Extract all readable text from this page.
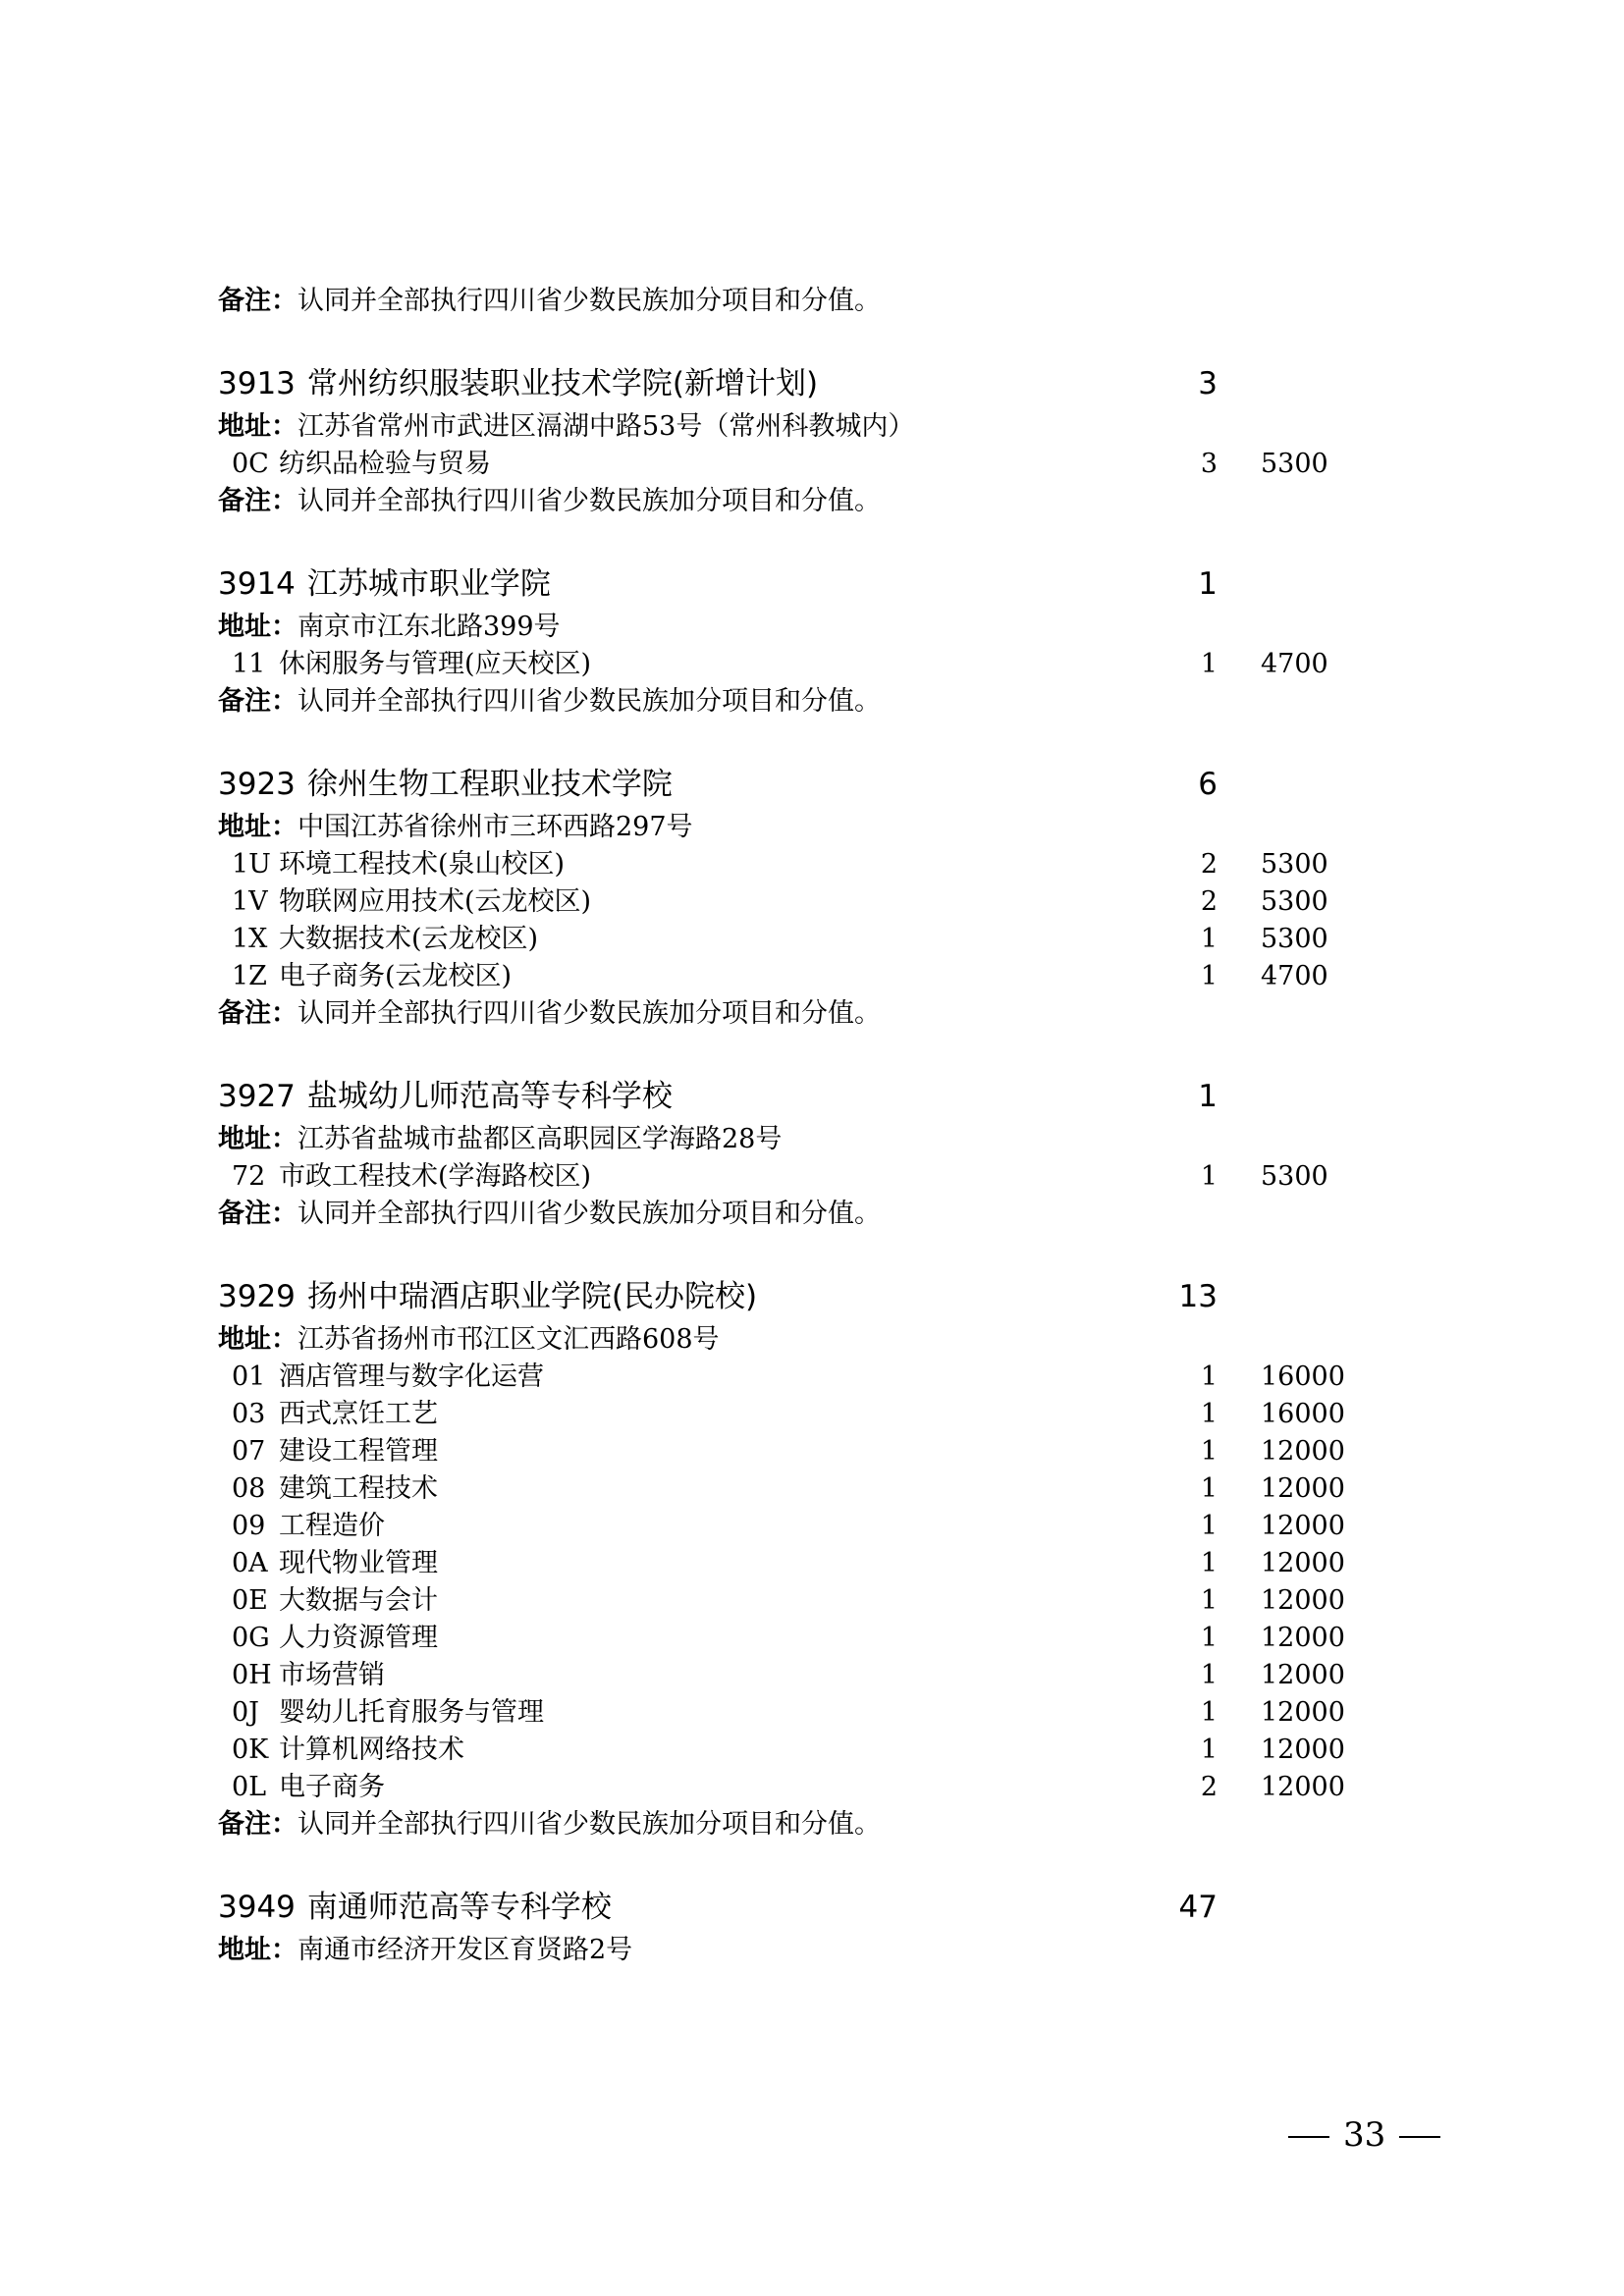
备注：认同并全部执行四川省少数民族加分项目和分值。
3913 常州纺织服装职业技术学院(新增计划)	3
地址：江苏省常州市武进区滆湖中路53号（常州科教城内）
0C 纺织品检验与贸易	3 5300
备注：认同并全部执行四川省少数民族加分项目和分值。
3914 江苏城市职业学院	1
地址：南京市江东北路399号
11 休闲服务与管理(应天校区)	1 4700
备注：认同并全部执行四川省少数民族加分项目和分值。
3923 徐州生物工程职业技术学院	6
地址：中国江苏省徐州市三环西路297号
1U 环境工程技术(泉山校区)	2 5300
1V 物联网应用技术(云龙校区)	2 5300
1X 大数据技术(云龙校区)	1 5300
1Z 电子商务(云龙校区)	1 4700
备注：认同并全部执行四川省少数民族加分项目和分值。
3927 盐城幼儿师范高等专科学校	1
地址：江苏省盐城市盐都区高职园区学海路28号
72 市政工程技术(学海路校区)	1 5300
备注：认同并全部执行四川省少数民族加分项目和分值。
3929 扬州中瑞酒店职业学院(民办院校)	13
地址：江苏省扬州市邗江区文汇西路608号
01 酒店管理与数字化运营	1 16000
03 西式烹饪工艺	1 16000
07 建设工程管理	1 12000
08 建筑工程技术	1 12000
09 工程造价	1 12000
0A 现代物业管理	1 12000
0E 大数据与会计	1 12000
0G 人力资源管理	1 12000
0H 市场营销	1 12000
0J 婴幼儿托育服务与管理	1 12000
0K 计算机网络技术	1 12000
0L 电子商务	2 12000
备注：认同并全部执行四川省少数民族加分项目和分值。
3949 南通师范高等专科学校	47
地址：南通市经济开发区育贤路2号
33
